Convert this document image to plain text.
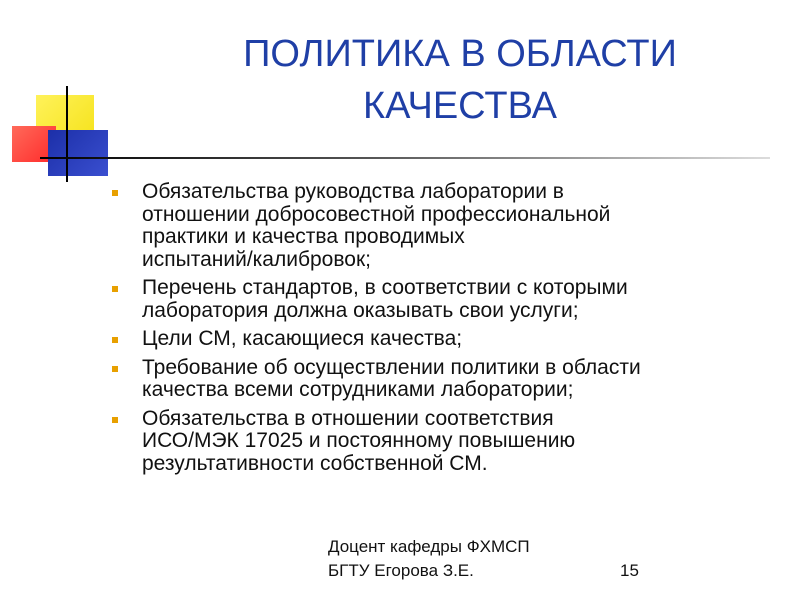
ПОЛИТИКА В ОБЛАСТИ
КАЧЕСТВА
Обязательства руководства лаборатории в
отношении добросовестной профессиональной
практики и качества проводимых
испытаний/калибровок;
Перечень стандартов, в соответствии с которыми
лаборатория должна оказывать свои услуги;
Цели СМ, касающиеся качества;
Требование об осуществлении политики в области
качества всеми сотрудниками лаборатории;
Обязательства в отношении соответствия
ИСО/МЭК 17025 и постоянному повышению
результативности собственной СМ.
Доцент кафедры ФХМСП
БГТУ Егорова З.Е.	15
